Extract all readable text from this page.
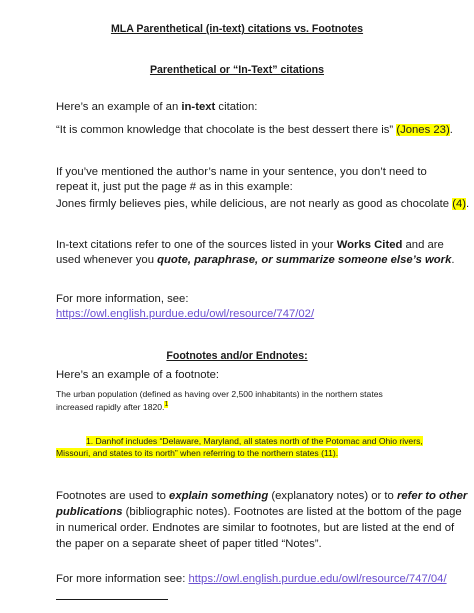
MLA Parenthetical (in-text) citations vs. Footnotes
Parenthetical or “In-Text” citations
Here’s an example of an in-text citation:
“It is common knowledge that chocolate is the best dessert there is” (Jones 23).
If you’ve mentioned the author’s name in your sentence, you don’t need to
repeat it, just put the page # as in this example:
Jones firmly believes pies, while delicious, are not nearly as good as chocolate (4).
In-text citations refer to one of the sources listed in your Works Cited and are
used whenever you quote, paraphrase, or summarize someone else’s work.
For more information, see:
https://owl.english.purdue.edu/owl/resource/747/02/
Footnotes and/or Endnotes:
Here’s an example of a footnote:
The urban population (defined as having over 2,500 inhabitants) in the northern states
increased rapidly after 1820.$^1$
1. Danhof includes “Delaware, Maryland, all states north of the Potomac and Ohio rivers,
Missouri, and states to its north” when referring to the northern states (11).
Footnotes are used to explain something (explanatory notes) or to refer to other
publications (bibliographic notes). Footnotes are listed at the bottom of the page
in numerical order. Endnotes are similar to footnotes, but are listed at the end of
the paper on a separate sheet of paper titled “Notes”.
For more information see: https://owl.english.purdue.edu/owl/resource/747/04/
